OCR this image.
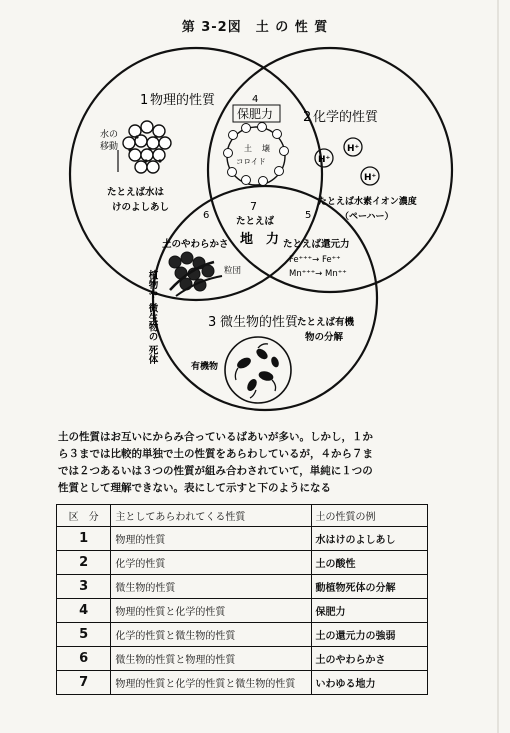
第 3-2図　土 の 性 質
1 物理的性質
水の
移動
たとえば水は
けのよしあし
2 化学的性質
H⁺
H⁺
H⁺
たとえば水素イオン濃度
（ペーハー）
4
保肥力
土 壌
コロイド
7
たとえば
地　力
5
たとえば還元力
Fe⁺⁺⁺→ Fe⁺⁺
Mn⁺⁺⁺→ Mn⁺⁺
6
土のやわらかさ
粒団
植物や
微生物の
死体
3 微生物的性質
たとえば有機
物の分解
有機物
土の性質はお互いにからみ合っているばあいが多い。しかし，１か
ら３までは比較的単独で土の性質をあらわしているが，４から７ま
では２つあるいは３つの性質が組み合わされていて，単純に１つの
性質として理解できない。表にして示すと下のようになる
区　分	主としてあらわれてくる性質	土の性質の例
1	物理的性質	水はけのよしあし
2	化学的性質	土の酸性
3	微生物的性質	動植物死体の分解
4	物理的性質と化学的性質	保肥力
5	化学的性質と微生物的性質	土の還元力の強弱
6	微生物的性質と物理的性質	土のやわらかさ
7	物理的性質と化学的性質と微生物的性質	いわゆる地力
